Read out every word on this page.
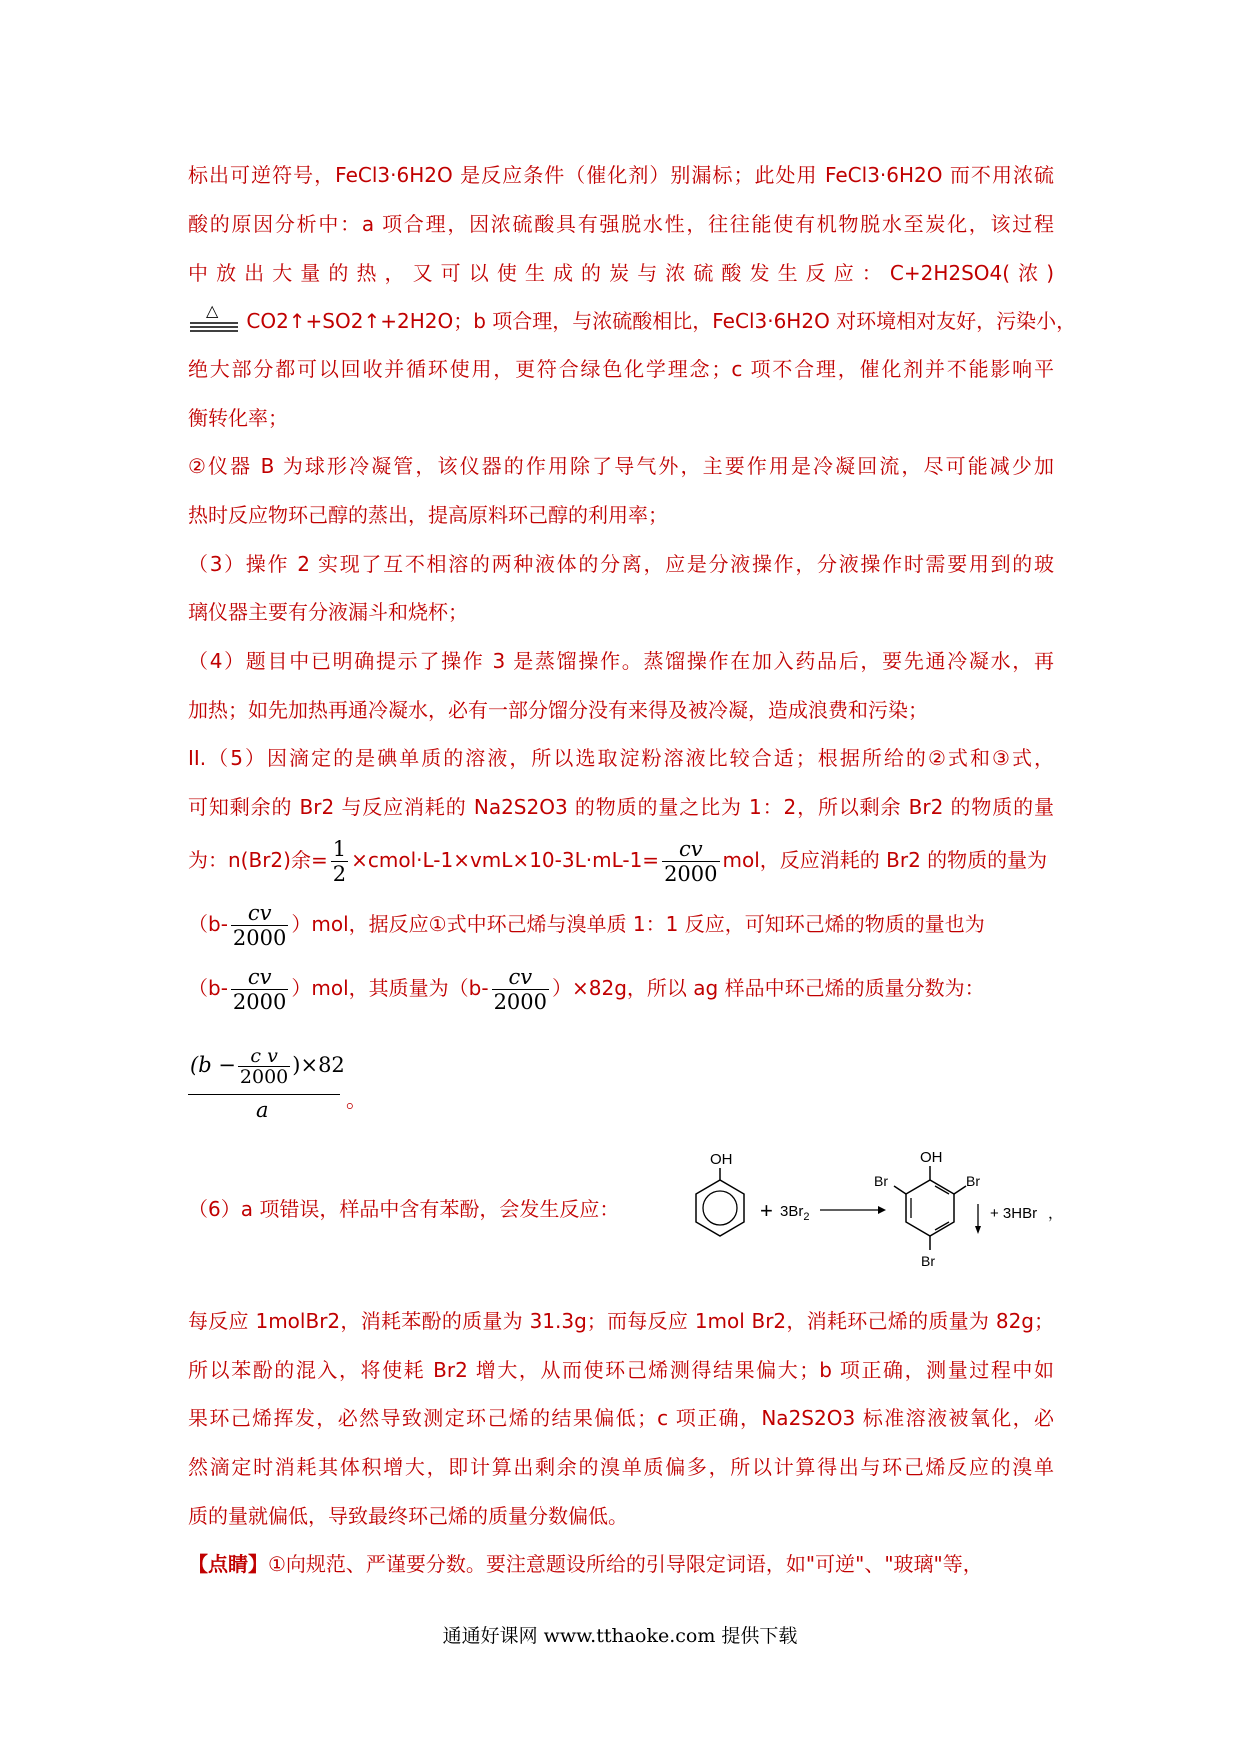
标出可逆符号，FeCl3·6H2O 是反应条件（催化剂）别漏标；此处用 FeCl3·6H2O 而不用浓硫
酸的原因分析中：a 项合理，因浓硫酸具有强脱水性，往往能使有机物脱水至炭化，该过程
中放出大量的热，又可以使生成的炭与浓硫酸发生反应：C+2H2SO4(浓)
△ CO2↑+SO2↑+2H2O；b 项合理，与浓硫酸相比，FeCl3·6H2O 对环境相对友好，污染小，
绝大部分都可以回收并循环使用，更符合绿色化学理念；c 项不合理，催化剂并不能影响平
衡转化率；
②仪器 B 为球形冷凝管，该仪器的作用除了导气外，主要作用是冷凝回流，尽可能减少加
热时反应物环己醇的蒸出，提高原料环己醇的利用率；
（3）操作 2 实现了互不相溶的两种液体的分离，应是分液操作，分液操作时需要用到的玻
璃仪器主要有分液漏斗和烧杯；
（4）题目中已明确提示了操作 3 是蒸馏操作。蒸馏操作在加入药品后，要先通冷凝水，再
加热；如先加热再通冷凝水，必有一部分馏分没有来得及被冷凝，造成浪费和污染；
II.（5）因滴定的是碘单质的溶液，所以选取淀粉溶液比较合适；根据所给的②式和③式，
可知剩余的 Br2 与反应消耗的 Na2S2O3 的物质的量之比为 1：2，所以剩余 Br2 的物质的量
为：n(Br2)余= $\frac{1}{2}$ ×cmol·L-1×vmL×10-3L·mL-1= $\frac{cv}{2000}$ mol，反应消耗的 Br2 的物质的量为
$(b- \frac{cv}{2000} )mol$，据反应①式中环己烯与溴单质 1：1 反应，可知环己烯的物质的量也为
$(b- \frac{cv}{2000} )mol$，其质量为$(b- \frac{cv}{2000} )\times 82g$，所以 ag 样品中环己烯的质量分数为：
$(b - \frac{\text{c v}}{2000} )\times 82$
a	。
（6）a 项错误，样品中含有苯酚，会发生反应：
OH
+ $3Br_2$
OH
Br	Br
Br
+ 3HBr ，
每反应 1molBr2，消耗苯酚的质量为 31.3g；而每反应 1mol Br2，消耗环己烯的质量为 82g；
所以苯酚的混入，将使耗 Br2 增大，从而使环己烯测得结果偏大；b 项正确，测量过程中如
果环己烯挥发，必然导致测定环己烯的结果偏低；c 项正确，Na2S2O3 标准溶液被氧化，必
然滴定时消耗其体积增大，即计算出剩余的溴单质偏多，所以计算得出与环己烯反应的溴单
质的量就偏低，导致最终环己烯的质量分数偏低。
【点睛】①向规范、严谨要分数。要注意题设所给的引导限定词语，如"可逆"、"玻璃"等，
通通好课网 www.tthaoke.com 提供下载
